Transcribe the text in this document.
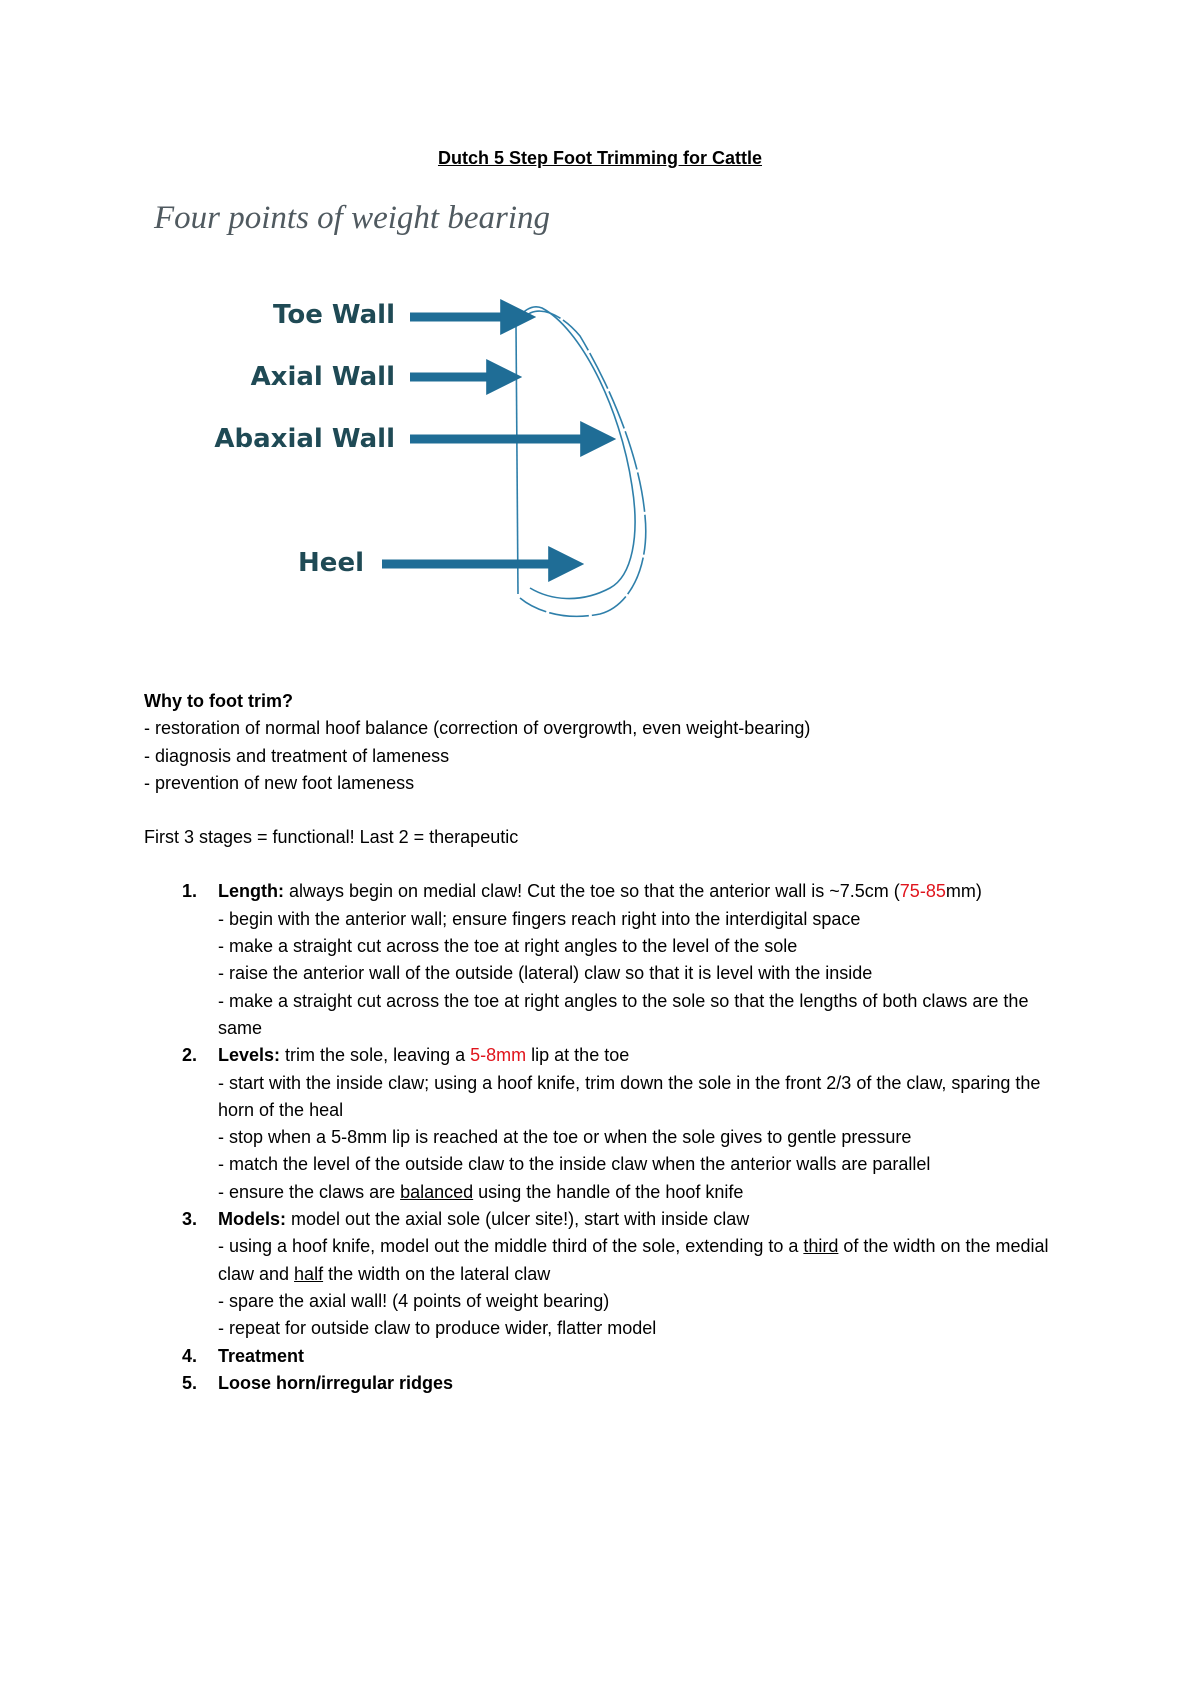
Dutch 5 Step Foot Trimming for Cattle
Four points of weight bearing
Toe Wall
Axial Wall
Abaxial Wall
Heel

Why to foot trim?

- restoration of normal hoof balance (correction of overgrowth, even weight-bearing)

- diagnosis and treatment of lameness

- prevention of new foot lameness

First 3 stages = functional! Last 2 = therapeutic

1. Length: always begin on medial claw! Cut the toe so that the anterior wall is ~7.5cm (75-85mm)
- begin with the anterior wall; ensure fingers reach right into the interdigital space
- make a straight cut across the toe at right angles to the level of the sole
- raise the anterior wall of the outside (lateral) claw so that it is level with the inside
- make a straight cut across the toe at right angles to the sole so that the lengths of both claws are the same
2. Levels: trim the sole, leaving a 5-8mm lip at the toe
- start with the inside claw; using a hoof knife, trim down the sole in the front 2/3 of the claw, sparing the horn of the heal
- stop when a 5-8mm lip is reached at the toe or when the sole gives to gentle pressure
- match the level of the outside claw to the inside claw when the anterior walls are parallel
- ensure the claws are balanced using the handle of the hoof knife
3. Models: model out the axial sole (ulcer site!), start with inside claw
- using a hoof knife, model out the middle third of the sole, extending to a third of the width on the medial claw and half the width on the lateral claw
- spare the axial wall! (4 points of weight bearing)
- repeat for outside claw to produce wider, flatter model
4. Treatment
5. Loose horn/irregular ridges
